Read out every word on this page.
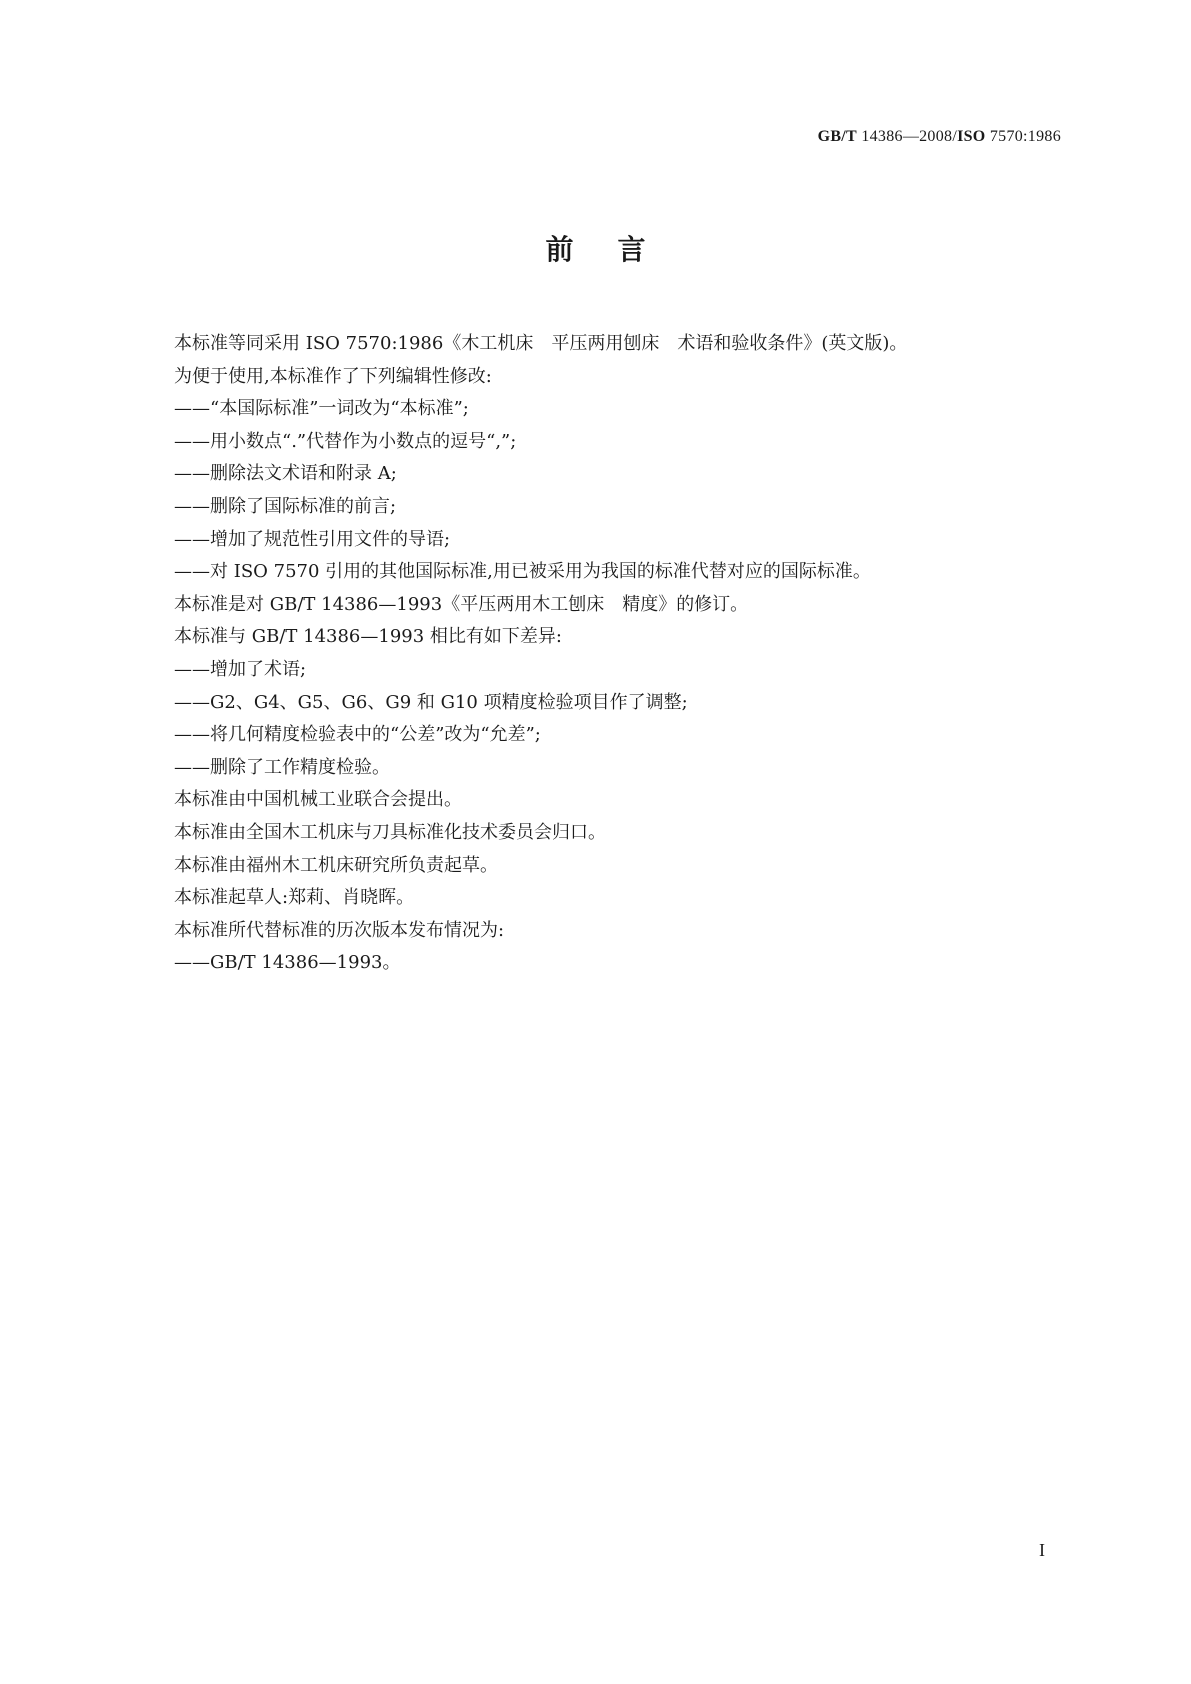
GB/T 14386—2008/ISO 7570:1986
前言
本标准等同采用 ISO 7570:1986《木工机床　平压两用刨床　术语和验收条件》(英文版)。
为便于使用,本标准作了下列编辑性修改:
——“本国际标准”一词改为“本标准”;
——用小数点“.”代替作为小数点的逗号“,”;
——删除法文术语和附录 A;
——删除了国际标准的前言;
——增加了规范性引用文件的导语;
——对 ISO 7570 引用的其他国际标准,用已被采用为我国的标准代替对应的国际标准。
本标准是对 GB/T 14386—1993《平压两用木工刨床　精度》的修订。
本标准与 GB/T 14386—1993 相比有如下差异:
——增加了术语;
——G2、G4、G5、G6、G9 和 G10 项精度检验项目作了调整;
——将几何精度检验表中的“公差”改为“允差”;
——删除了工作精度检验。
本标准由中国机械工业联合会提出。
本标准由全国木工机床与刀具标准化技术委员会归口。
本标准由福州木工机床研究所负责起草。
本标准起草人:郑莉、肖晓晖。
本标准所代替标准的历次版本发布情况为:
——GB/T 14386—1993。
I
